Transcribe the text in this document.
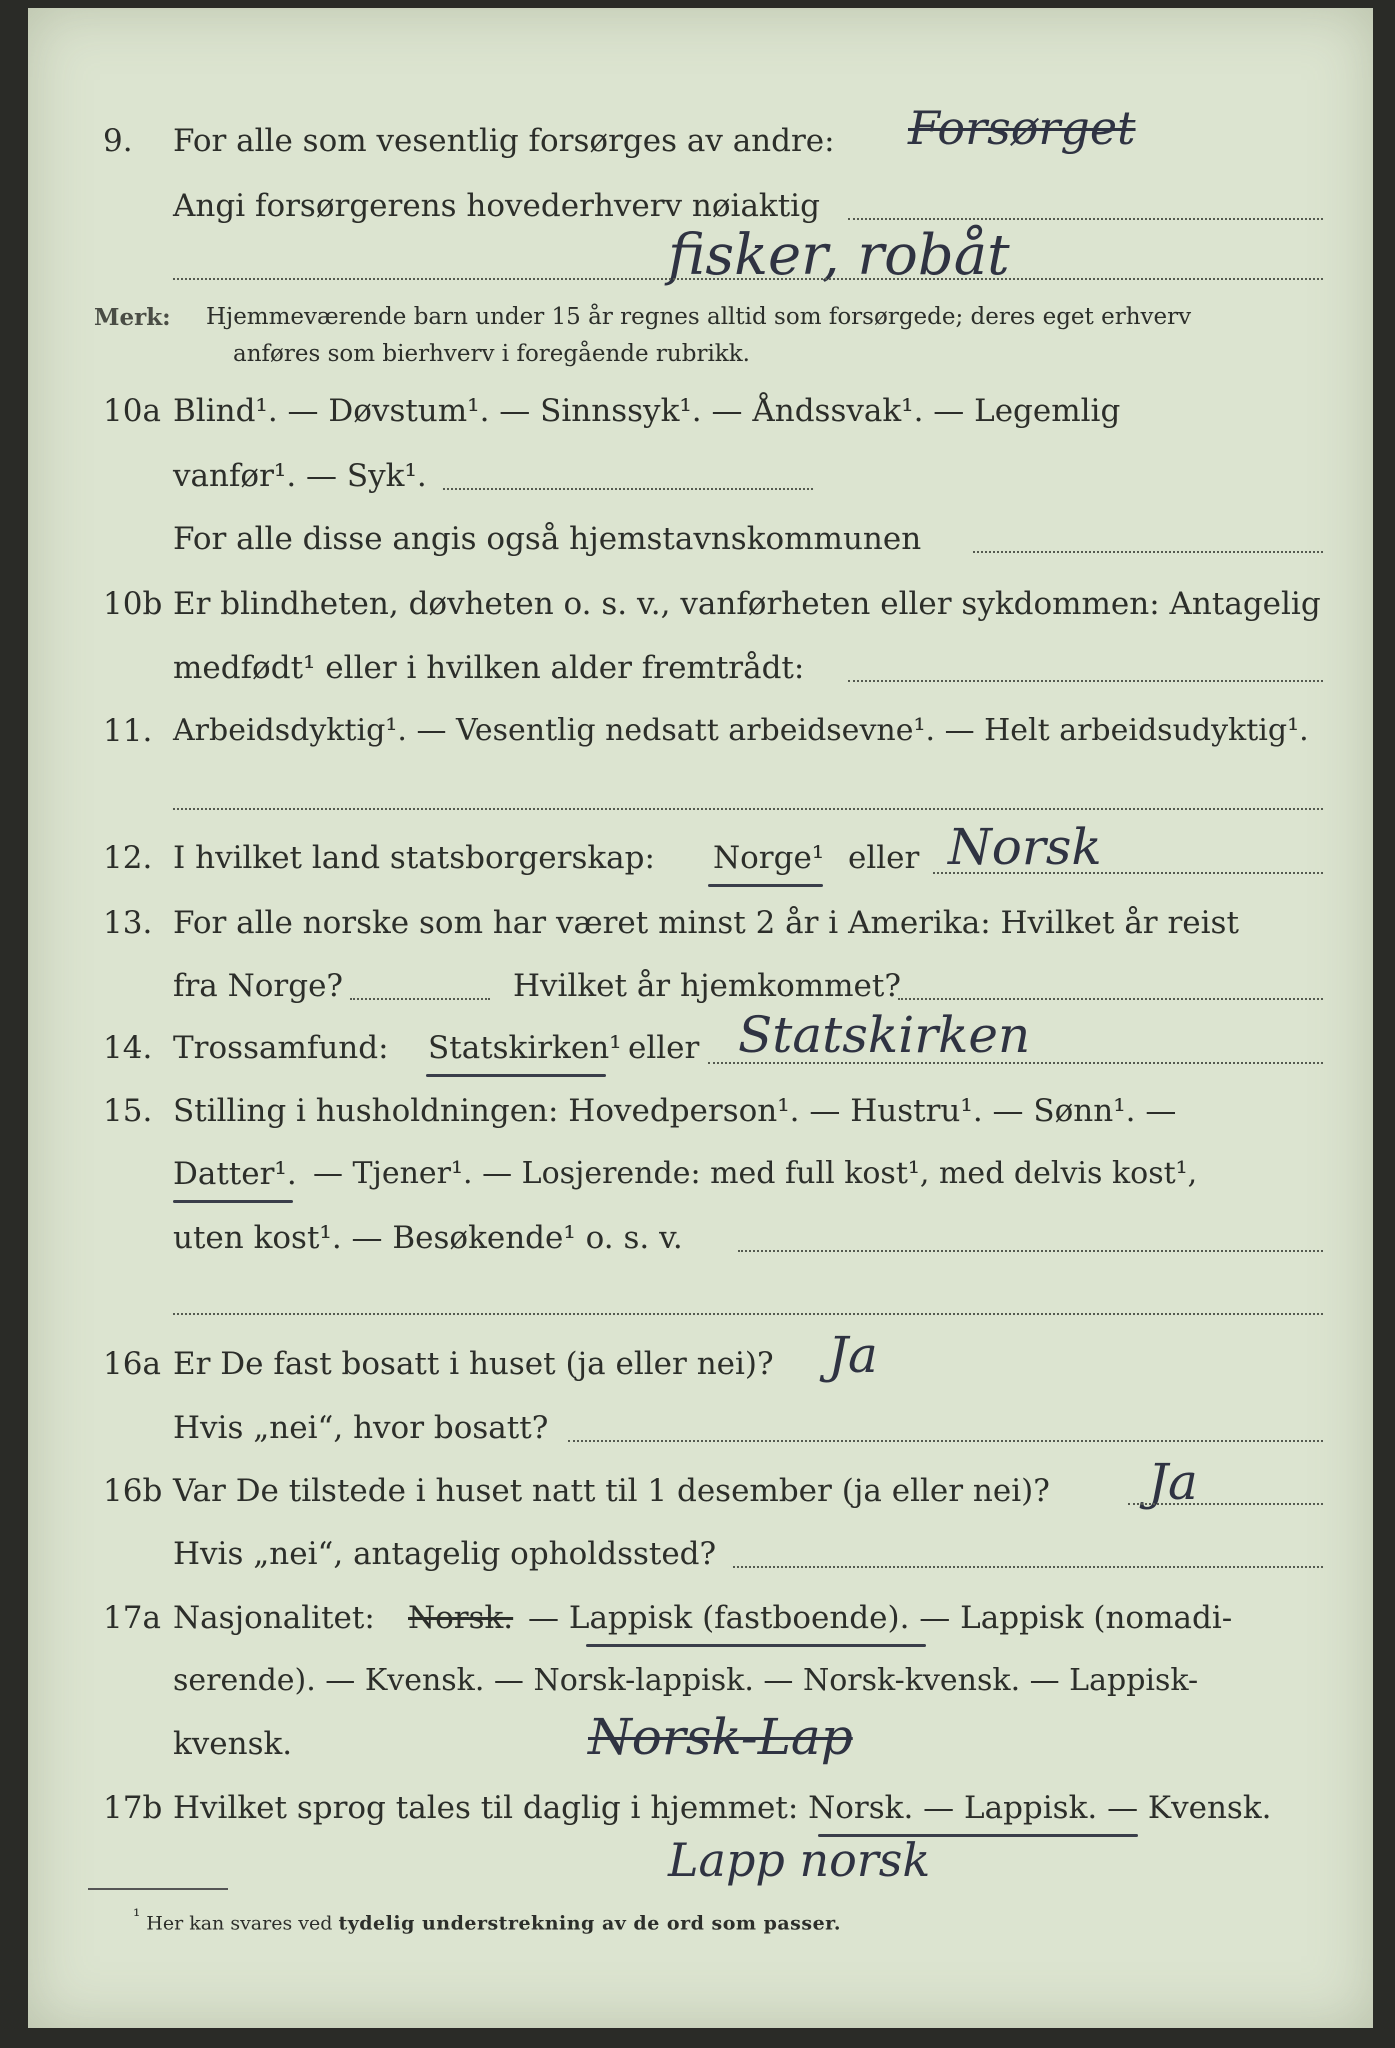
9. For alle som vesentlig forsørges av andre: Forsørget
Angi forsørgerens hovederhverv nøiaktig
fisker, robåt
Merk: Hjemmeværende barn under 15 år regnes alltid som forsørgede; deres eget erhverv
anføres som bierhverv i foregående rubrikk.
10a Blind¹. — Døvstum¹. — Sinnssyk¹. — Åndssvak¹. — Legemlig
vanfør¹. — Syk¹.
For alle disse angis også hjemstavnskommunen
10b Er blindheten, døvheten o. s. v., vanførheten eller sykdommen: Antagelig
medfødt¹ eller i hvilken alder fremtrådt:
11. Arbeidsdyktig¹. — Vesentlig nedsatt arbeidsevne¹. — Helt arbeidsudyktig¹.
12. I hvilket land statsborgerskap: Norge¹ eller Norsk
13. For alle norske som har været minst 2 år i Amerika: Hvilket år reist
fra Norge?	Hvilket år hjemkommet?
14. Trossamfund: Statskirken¹ eller Statskirken
15. Stilling i husholdningen: Hovedperson¹. — Hustru¹. — Sønn¹. —
Datter¹. — Tjener¹. — Losjerende: med full kost¹, med delvis kost¹,
uten kost¹. — Besøkende¹ o. s. v.
16a Er De fast bosatt i huset (ja eller nei)? Ja
Hvis „nei“, hvor bosatt?
16b Var De tilstede i huset natt til 1 desember (ja eller nei)? Ja
Hvis „nei“, antagelig opholdssted?
17a Nasjonalitet: Norsk. — Lappisk (fastboende). — Lappisk (nomadi-
serende). — Kvensk. — Norsk-lappisk. — Norsk-kvensk. — Lappisk-
kvensk.	Norsk-Lap
17b Hvilket sprog tales til daglig i hjemmet: Norsk. — Lappisk. — Kvensk.
Lapp norsk
¹ Her kan svares ved tydelig understrekning av de ord som passer.
